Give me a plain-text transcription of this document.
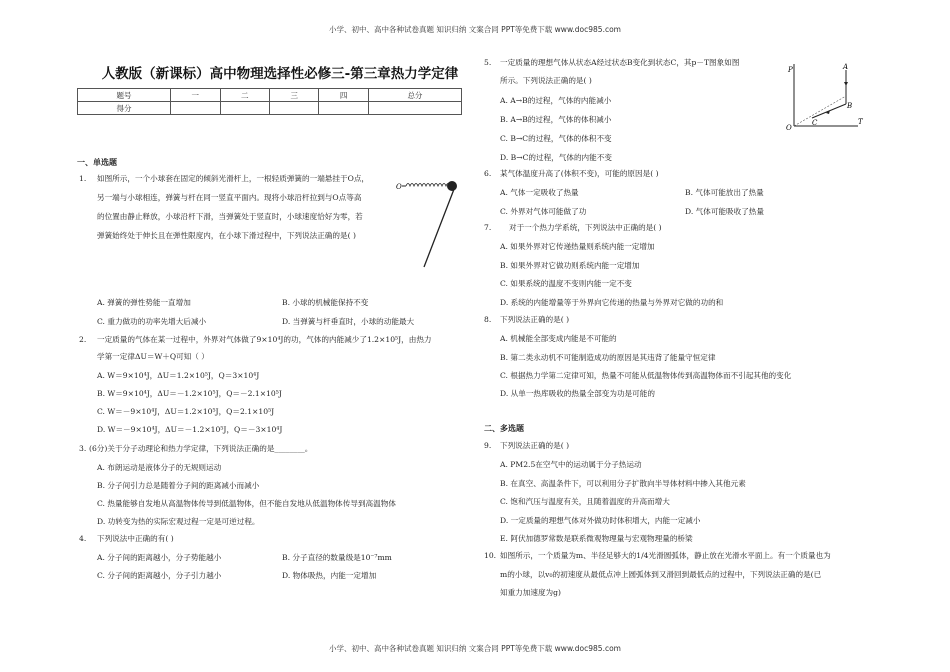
小学、初中、高中各种试卷真题 知识归纳 文案合同 PPT等免费下载 www.doc985.com
小学、初中、高中各种试卷真题 知识归纳 文案合同 PPT等免费下载 www.doc985.com
人教版（新课标）高中物理选择性必修三-第三章热力学定律
题号	一	二	三	四	总分
得分					
一、单选题
1. 如图所示，一个小球套在固定的倾斜光滑杆上，一根轻质弹簧的一端悬挂于O点，
另一端与小球相连，弹簧与杆在同一竖直平面内。现将小球沿杆拉到与O点等高
的位置由静止释放，小球沿杆下滑，当弹簧处于竖直时，小球速度恰好为零，若
弹簧始终处于伸长且在弹性限度内，在小球下滑过程中，下列说法正确的是( )
O
A. 弹簧的弹性势能一直增加	B. 小球的机械能保持不变
C. 重力做功的功率先增大后减小	D. 当弹簧与杆垂直时，小球的动能最大
2. 一定质量的气体在某一过程中，外界对气体做了9×10⁴J的功，气体的内能减少了1.2×10⁵J，由热力
学第一定律ΔU＝W＋Q可知（ ）
A. W＝9×10⁴J，ΔU＝1.2×10⁵J，Q＝3×10⁴J
B. W＝9×10⁴J，ΔU＝－1.2×10⁵J，Q＝－2.1×10⁵J
C. W＝－9×10⁴J，ΔU＝1.2×10⁵J，Q＝2.1×10⁵J
D. W＝－9×10⁴J，ΔU＝－1.2×10⁵J，Q＝－3×10⁴J
3. (6分)关于分子动理论和热力学定律，下列说法正确的是________。
A. 布朗运动是液体分子的无规则运动
B. 分子间引力总是随着分子间的距离减小而减小
C. 热量能够自发地从高温物体传导到低温物体，但不能自发地从低温物体传导到高温物体
D. 功转变为热的实际宏观过程一定是可逆过程。
4. 下列说法中正确的有( )
A. 分子间的距离越小，分子势能越小	B. 分子直径的数量级是10⁻⁷mm
C. 分子间的距离越小，分子引力越小	D. 物体吸热，内能一定增加
5. 一定质量的理想气体从状态A经过状态B变化到状态C，其p－T图象如图
所示。下列说法正确的是( )
A. A→B的过程，气体的内能减小
B. A→B的过程，气体的体积减小
C. B→C的过程，气体的体积不变
D. B→C的过程，气体的内能不变
P
T
O
A
B
C
6. 某气体温度升高了(体积不变)，可能的原因是( )
A. 气体一定吸收了热量	B. 气体可能放出了热量
C. 外界对气体可能做了功	D. 气体可能吸收了热量
7. 对于一个热力学系统，下列说法中正确的是( )
A. 如果外界对它传递热量则系统内能一定增加
B. 如果外界对它做功则系统内能一定增加
C. 如果系统的温度不变则内能一定不变
D. 系统的内能增量等于外界向它传递的热量与外界对它做的功的和
8. 下列说法正确的是( )
A. 机械能全部变成内能是不可能的
B. 第二类永动机不可能制造成功的原因是其违背了能量守恒定律
C. 根据热力学第二定律可知，热量不可能从低温物体传到高温物体而不引起其他的变化
D. 从单一热库吸收的热量全部变为功是可能的
二、多选题
9. 下列说法正确的是( )
A. PM2.5在空气中的运动属于分子热运动
B. 在真空、高温条件下，可以利用分子扩散向半导体材料中掺入其他元素
C. 饱和汽压与温度有关，且随着温度的升高而增大
D. 一定质量的理想气体对外做功时体积增大，内能一定减小
E. 阿伏加德罗常数是联系微观物理量与宏观物理量的桥梁
10. 如图所示，一个质量为m、半径足够大的1/4光滑圆弧体，静止放在光滑水平面上。有一个质量也为
m的小球，以v₀的初速度从最低点冲上圆弧体到又滑回到最低点的过程中，下列说法正确的是(已
知重力加速度为g)
